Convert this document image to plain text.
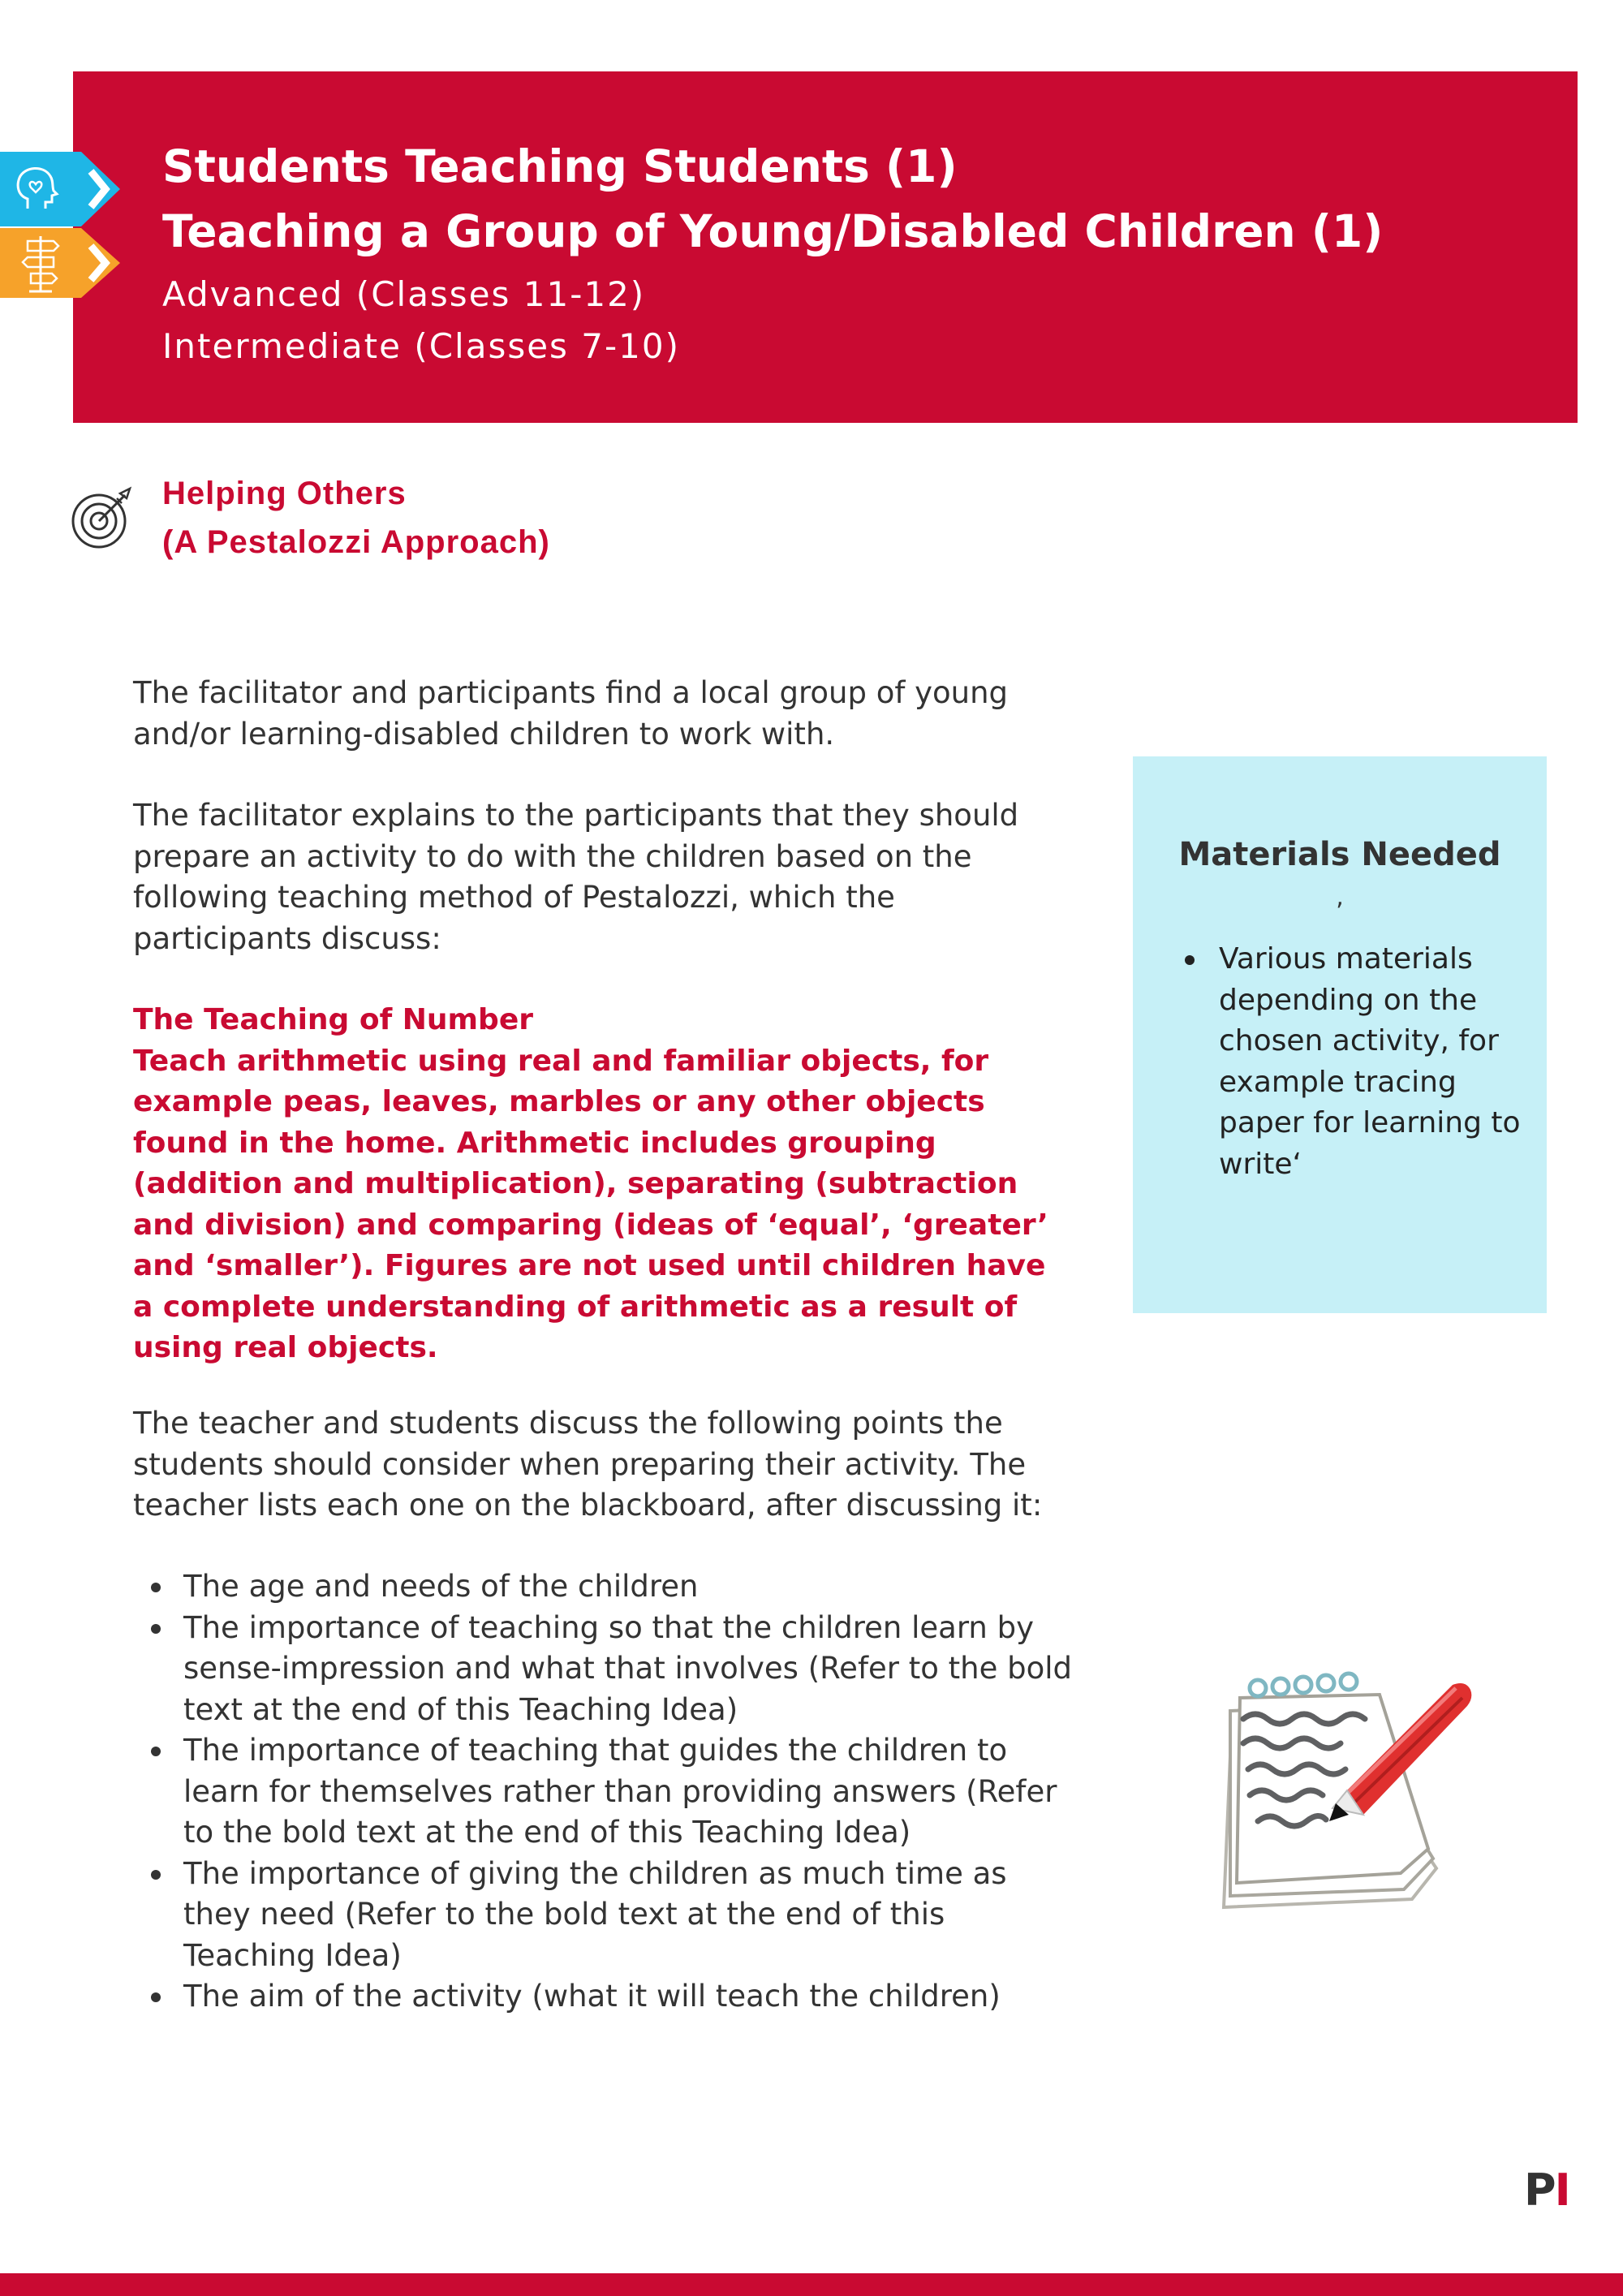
Students Teaching Students (1)
Teaching a Group of Young/Disabled Children (1)

Advanced (Classes 11-12)

Intermediate (Classes 7-10)

Helping Others
(A Pestalozzi Approach)

The facilitator and participants find a local group of young and/or learning-disabled children to work with.

The facilitator explains to the participants that they should prepare an activity to do with the children based on the following teaching method of Pestalozzi, which the participants discuss:

The Teaching of Number
Teach arithmetic using real and familiar objects, for example peas, leaves, marbles or any other objects found in the home. Arithmetic includes grouping (addition and multiplication), separating (subtraction and division) and comparing (ideas of ‘equal’, ‘greater’ and ‘smaller’). Figures are not used until children have a complete understanding of arithmetic as a result of using real objects.

The teacher and students discuss the following points the students should consider when preparing their activity. The teacher lists each one on the blackboard, after discussing it:

The age and needs of the children
The importance of teaching so that the children learn by sense-impression and what that involves (Refer to the bold text at the end of this Teaching Idea)
The importance of teaching that guides the children to learn for themselves rather than providing answers (Refer to the bold text at the end of this Teaching Idea)
The importance of giving the children as much time as they need (Refer to the bold text at the end of this Teaching Idea)
The aim of the activity (what it will teach the children)
Materials Needed

,

Various materials depending on the chosen activity, for example tracing paper for learning to write‘
PI
